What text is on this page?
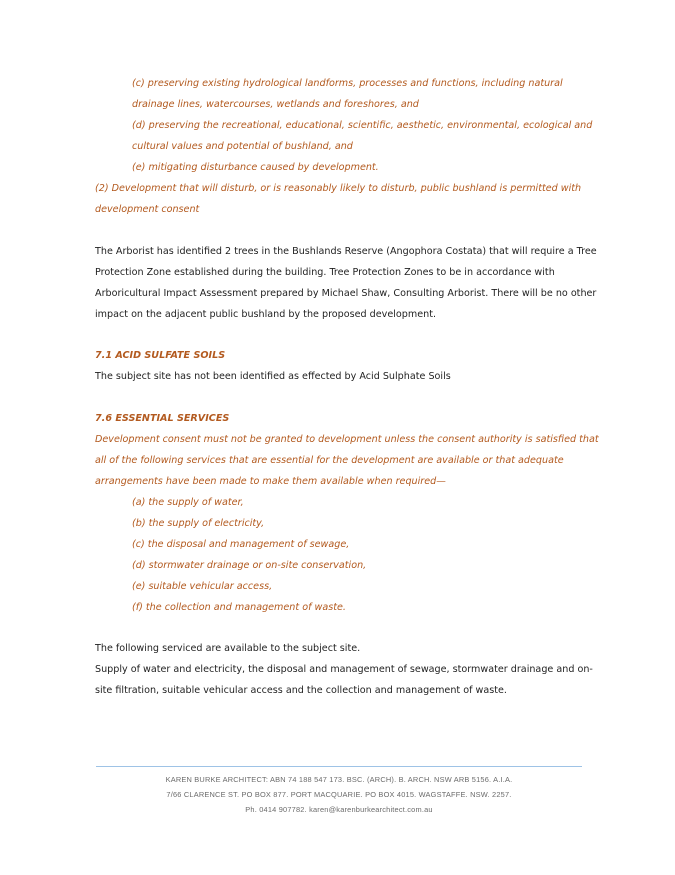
(c) preserving existing hydrological landforms, processes and functions, including natural
drainage lines, watercourses, wetlands and foreshores, and
(d) preserving the recreational, educational, scientific, aesthetic, environmental, ecological and
cultural values and potential of bushland, and
(e) mitigating disturbance caused by development.
(2) Development that will disturb, or is reasonably likely to disturb, public bushland is permitted with
development consent
The Arborist has identified 2 trees in the Bushlands Reserve (Angophora Costata) that will require a Tree
Protection Zone established during the building. Tree Protection Zones to be in accordance with
Arboricultural Impact Assessment prepared by Michael Shaw, Consulting Arborist. There will be no other
impact on the adjacent public bushland by the proposed development.
7.1 ACID SULFATE SOILS
The subject site has not been identified as effected by Acid Sulphate Soils
7.6 ESSENTIAL SERVICES
Development consent must not be granted to development unless the consent authority is satisfied that
all of the following services that are essential for the development are available or that adequate
arrangements have been made to make them available when required—
(a) the supply of water,
(b) the supply of electricity,
(c) the disposal and management of sewage,
(d) stormwater drainage or on-site conservation,
(e) suitable vehicular access,
(f) the collection and management of waste.
The following serviced are available to the subject site.
Supply of water and electricity, the disposal and management of sewage, stormwater drainage and on-
site filtration, suitable vehicular access and the collection and management of waste.
KAREN BURKE ARCHITECT: ABN 74 188 547 173. BSC. (ARCH). B. ARCH. NSW ARB 5156. A.I.A.
7/66 CLARENCE ST. PO BOX 877. PORT MACQUARIE. PO BOX 4015. WAGSTAFFE. NSW. 2257.
Ph. 0414 907782. karen@karenburkearchitect.com.au
